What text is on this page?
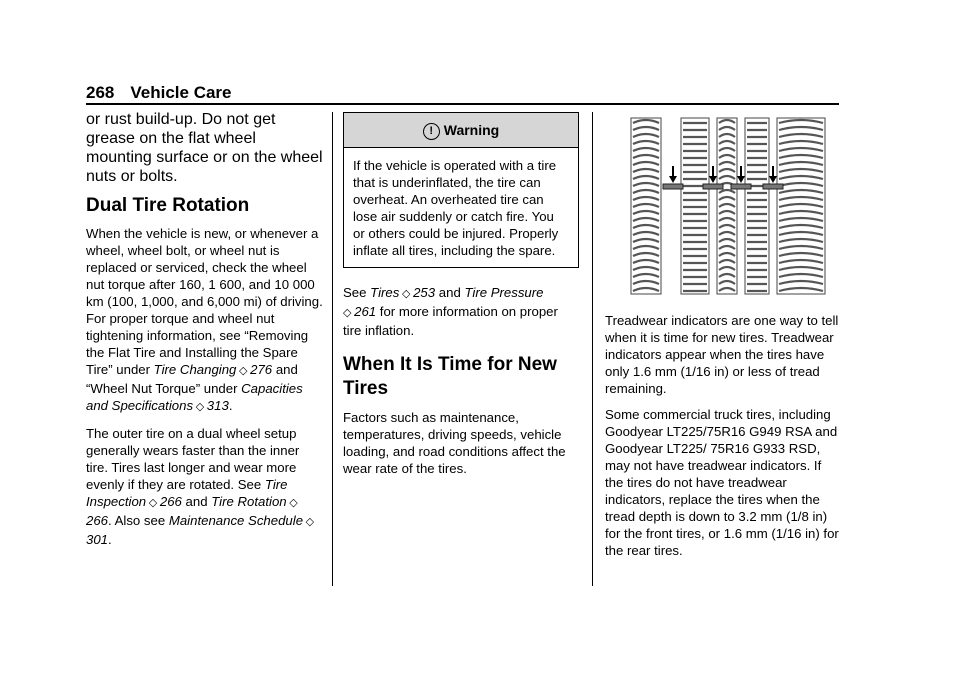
268 Vehicle Care

or rust build-up. Do not get grease on the flat wheel mounting surface or on the wheel nuts or bolts.

Dual Tire Rotation

When the vehicle is new, or whenever a wheel, wheel bolt, or wheel nut is replaced or serviced, check the wheel nut torque after 160, 1 600, and 10 000 km (100, 1,000, and 6,000 mi) of driving. For proper torque and wheel nut tightening information, see “Removing the Flat Tire and Installing the Spare Tire” under Tire Changing  ◇  276 and “Wheel Nut Torque” under Capacities and Specifications  ◇  313.

The outer tire on a dual wheel setup generally wears faster than the inner tire. Tires last longer and wear more evenly if they are rotated. See Tire Inspection  ◇  266 and Tire Rotation  ◇ 266. Also see Maintenance Schedule  ◇ 301.

! Warning
If the vehicle is operated with a tire that is underinflated, the tire can overheat. An overheated tire can lose air suddenly or catch fire. You or others could be injured. Properly inflate all tires, including the spare.

See Tires  ◇  253 and Tire Pressure
◇  261 for more information on proper tire inflation.

When It Is Time for New Tires

Factors such as maintenance, temperatures, driving speeds, vehicle loading, and road conditions affect the wear rate of the tires.

Treadwear indicators are one way to tell when it is time for new tires. Treadwear indicators appear when the tires have only 1.6 mm (1/16 in) or less of tread remaining.

Some commercial truck tires, including Goodyear LT225/75R16 G949 RSA and Goodyear LT225/ 75R16 G933 RSD, may not have treadwear indicators. If the tires do not have treadwear indicators, replace the tires when the tread depth is down to 3.2 mm (1/8 in) for the front tires, or 1.6 mm (1/16 in) for the rear tires.
